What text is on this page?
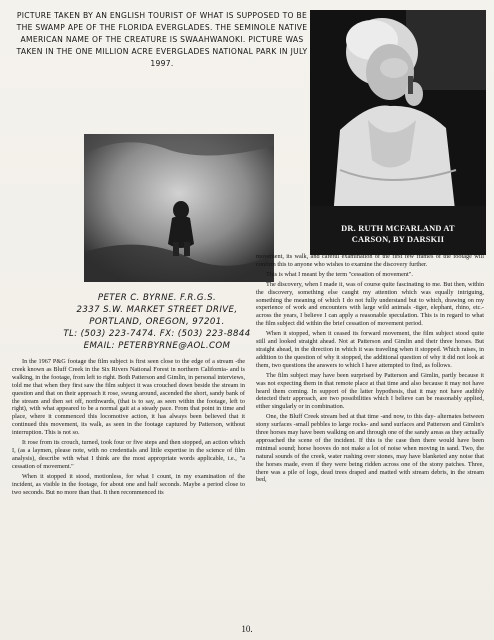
PICTURE TAKEN BY AN ENGLISH TOURIST OF WHAT IS SUPPOSED TO BE THE SWAMP APE OF THE FLORIDA EVERGLADES. THE SEMINOLE NATIVE AMERICAN NAME OF THE CREATURE IS SWAAHWANOKI. PICTURE WAS TAKEN IN THE ONE MILLION ACRE EVERGLADES NATIONAL PARK IN JULY 1997.
DR. RUTH MCFARLAND AT
CARSON, BY DARSKII
PETER C. BYRNE. F.R.G.S.
2337 S.W. MARKET STREET DRIVE,
PORTLAND, OREGON, 97201.
TL: (503) 223-7474. FX: (503) 223-8844
EMAIL: PETERBYRNE@AOL.COM

In the 1967 P&G footage the film subject is first seen close to the edge of a stream -the creek known as Bluff Creek in the Six Rivers National Forest in northern California- and is walking, in the footage, from left to right. Both Patterson and Gimlin, in personal interviews, told me that when they first saw the film subject it was crouched down beside the stream in question and that on their approach it rose, swung around, ascended the short, sandy bank of the stream and then set off, northwards, (that is to say, as seen within the footage, left to right), with what appeared to be a normal gait at a steady pace. From that point in time and place, where it commenced this locomotive action, it has always been believed that it continued this movement, its walk, as seen in the footage captured by Patterson, without interruption. This is not so.

It rose from its crouch, turned, took four or five steps and then stopped, an action which I, (as a laymen, please note, with no credentials and little expertise in the science of film analysis), describe with what I think are the most appropriate words applicable, i.e., "a cessation of movement."

When it stopped it stood, motionless, for what I count, in my examination of the incident, as visible in the footage, for about one and half seconds. Maybe a period close to two seconds. But no more than that. It then recommenced its

movement, its walk, and careful examination of the first few frames of the footage will confirm this to anyone who wishes to examine the discovery further.

This is what I meant by the term "cessation of movement".

The discovery, when I made it, was of course quite fascinating to me. But then, within the discovery, something else caught my attention which was equally intriguing, something the meaning of which I do not fully understand but to which, drawing on my experience of work and encounters with large wild animals -tiger, elephant, rhino, etc.- across the years, I believe I can apply a reasonable speculation. This is in regard to what the film subject did within the brief cessation of movement period.

When it stopped, when it ceased its forward movement, the film subject stood quite still and looked straight ahead. Not at Patterson and Gimlin and their three horses. But straight ahead, in the direction in which it was traveling when it stopped. Which raises, in addition to the question of why it stopped, the additional question of why it did not look at them, two questions the answers to which I have attempted to find, as follows.

The film subject may have been surprised by Patterson and Gimlin, partly because it was not expecting them in that remote place at that time and also because it may not have heard them coming. In support of the latter hypothesis, that it may not have audibly detected their approach, are two possibilities which I believe can be reasonably applied, either singularly or in combination.

One, the Bluff Creek stream bed at that time -and now, to this day- alternates between stony surfaces -small pebbles to large rocks- and sand surfaces and Patterson and Gimlin's three horses may have been walking on and through one of the sandy areas as they actually approached the scene of the incident. If this is the case then there would have been minimal sound; horse hooves do not make a lot of noise when moving in sand. Two, the natural sounds of the creek, water rushing over stones, may have blanketed any noise that the horses made, even if they were being ridden across one of the stony patches. Three, there was a pile of logs, dead trees draped and matted with stream debris, in the stream bed,

10.
